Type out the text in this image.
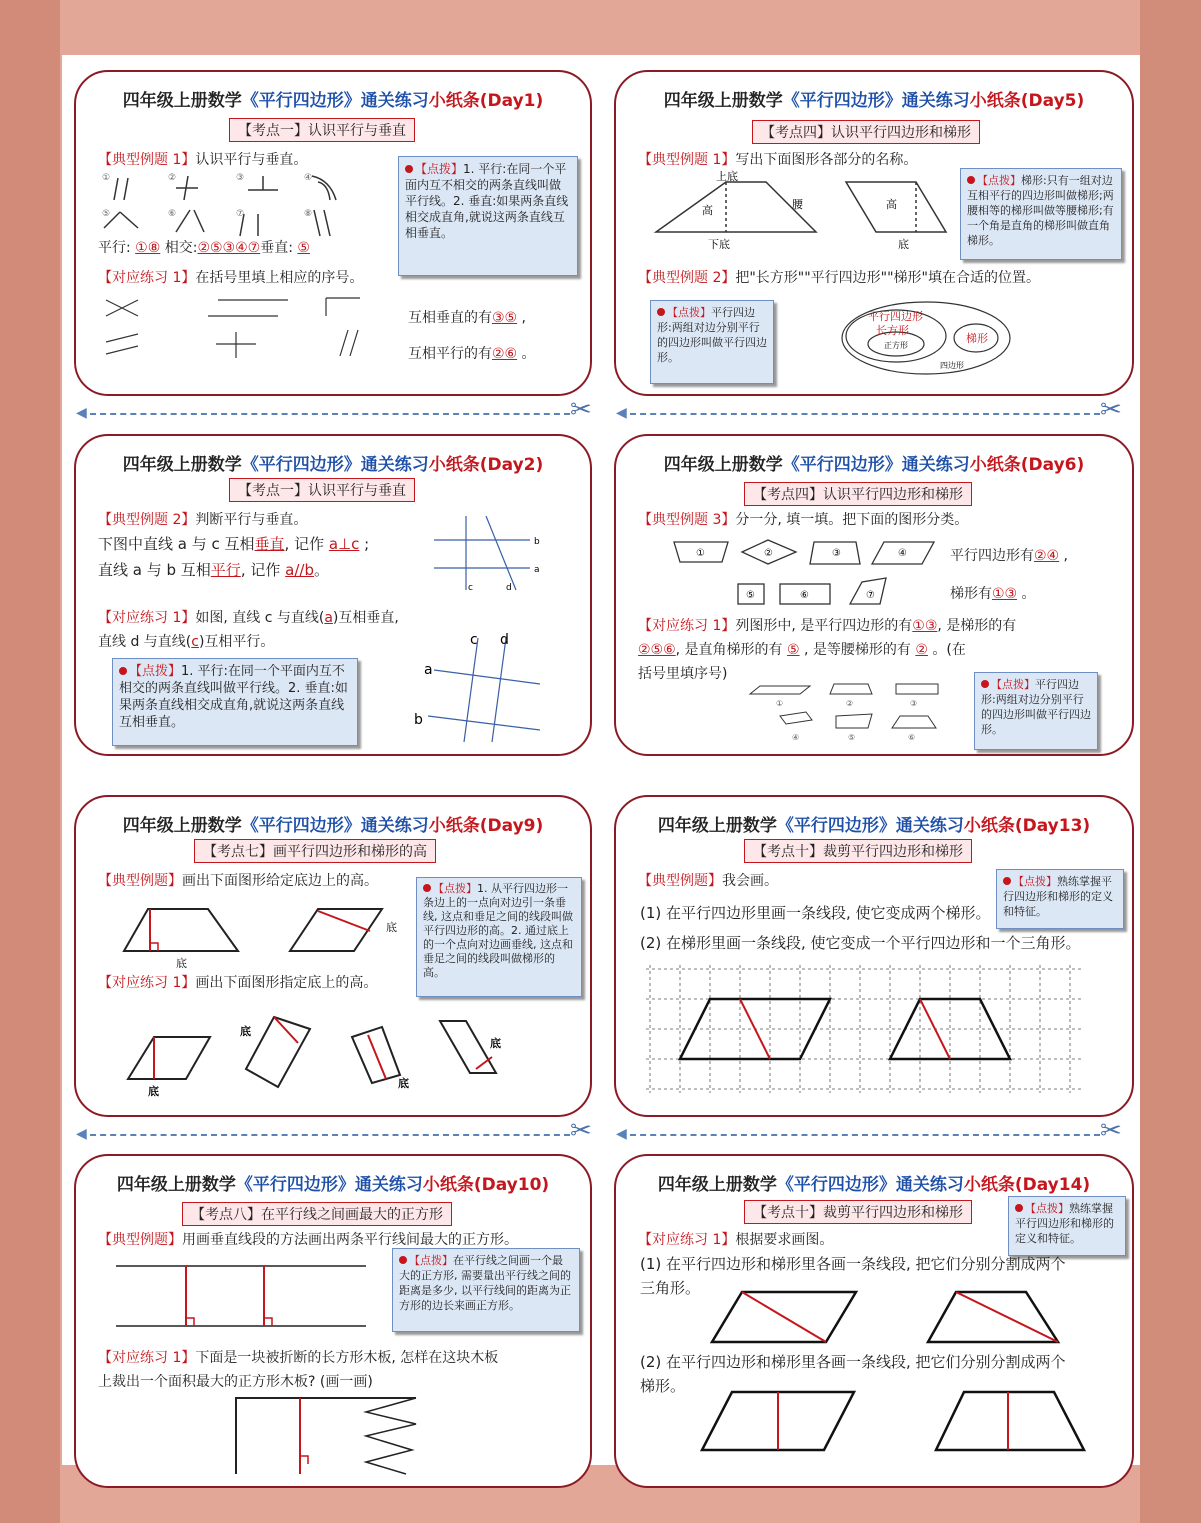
四年级上册数学《平行四边形》通关练习小纸条(Day1)
【考点一】认识平行与垂直
【典型例题 1】认识平行与垂直。
①	②	③	④
⑤	⑥	⑦	⑧
平行: ①⑧ 相交:②⑤③④⑦垂直: ⑤
【对应练习 1】在括号里填上相应的序号。
互相垂直的有③⑤ ,
互相平行的有②⑥ 。
【点拨】1. 平行:在同一个平面内互不相交的两条直线叫做平行线。2. 垂直:如果两条直线相交成直角,就说这两条直线互相垂直。
四年级上册数学《平行四边形》通关练习小纸条(Day5)
【考点四】认识平行四边形和梯形
【典型例题 1】写出下面图形各部分的名称。
上底
高	腰
下底
高
底
【点拨】梯形:只有一组对边互相平行的四边形叫做梯形;两腰相等的梯形叫做等腰梯形;有一个角是直角的梯形叫做直角梯形。
【典型例题 2】把"长方形""平行四边形""梯形"填在合适的位置。
【点拨】平行四边形:两组对边分别平行的四边形叫做平行四边形。
平行四边形
长方形
正方形
梯形
四边形
◀	✂ ◀	✂
四年级上册数学《平行四边形》通关练习小纸条(Day2)
【考点一】认识平行与垂直
【典型例题 2】判断平行与垂直。
下图中直线 a 与 c 互相垂直, 记作 a⊥c ;
直线 a 与 b 互相平行, 记作 a//b。
b
a
c	d
【对应练习 1】如图, 直线 c 与直线(a)互相垂直,
直线 d 与直线(c)互相平行。
a
b
c d
【点拨】1. 平行:在同一个平面内互不相交的两条直线叫做平行线。2. 垂直:如果两条直线相交成直角,就说这两条直线互相垂直。
四年级上册数学《平行四边形》通关练习小纸条(Day6)
【考点四】认识平行四边形和梯形
【典型例题 3】分一分, 填一填。把下面的图形分类。
①	②	③	④
⑤	⑥	⑦
平行四边形有②④ ,
梯形有①③ 。
【对应练习 1】列图形中, 是平行四边形的有①③, 是梯形的有
②⑤⑥, 是直角梯形的有 ⑤ , 是等腰梯形的有 ② 。(在
括号里填序号)
①	②	③
④	⑤	⑥
【点拨】平行四边形:两组对边分别平行的四边形叫做平行四边形。
四年级上册数学《平行四边形》通关练习小纸条(Day9)
【考点七】画平行四边形和梯形的高
【典型例题】画出下面图形给定底边上的高。
底
底
【对应练习 1】画出下面图形指定底上的高。
底
底
底
底
【点拨】1. 从平行四边形一条边上的一点向对边引一条垂线, 这点和垂足之间的线段叫做平行四边形的高。2. 通过底上的一个点向对边画垂线, 这点和垂足之间的线段叫做梯形的高。
四年级上册数学《平行四边形》通关练习小纸条(Day13)
【考点十】裁剪平行四边形和梯形
【典型例题】我会画。
(1) 在平行四边形里画一条线段, 使它变成两个梯形。
(2) 在梯形里画一条线段, 使它变成一个平行四边形和一个三角形。
【点拨】熟练掌握平行四边形和梯形的定义和特征。
◀	✂ ◀	✂
四年级上册数学《平行四边形》通关练习小纸条(Day10)
【考点八】在平行线之间画最大的正方形
【典型例题】用画垂直线段的方法画出两条平行线间最大的正方形。
【点拨】在平行线之间画一个最大的正方形, 需要量出平行线之间的距离是多少, 以平行线间的距离为正方形的边长来画正方形。
【对应练习 1】下面是一块被折断的长方形木板, 怎样在这块木板
上裁出一个面积最大的正方形木板? (画一画)
四年级上册数学《平行四边形》通关练习小纸条(Day14)
【考点十】裁剪平行四边形和梯形	【点拨】熟练掌握平行四边形和梯形的定义和特征。
【对应练习 1】根据要求画图。
(1) 在平行四边形和梯形里各画一条线段, 把它们分别分割成两个
三角形。
(2) 在平行四边形和梯形里各画一条线段, 把它们分别分割成两个
梯形。
